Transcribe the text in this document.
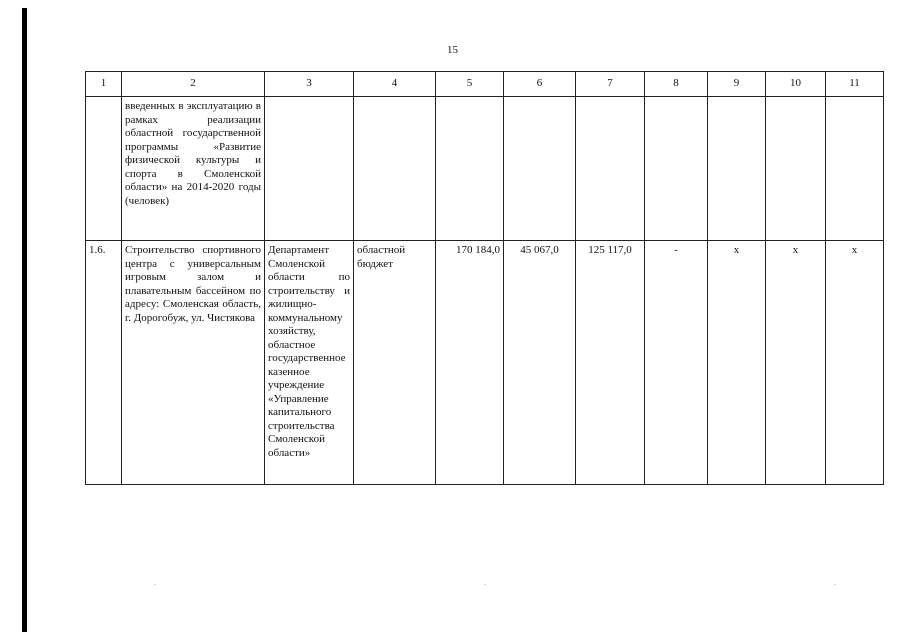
15
1	2	3	4	5	6	7	8	9	10	11
	введенных в эксплуатацию в рамках реализации областной государственной программы «Развитие физической культуры и спорта в Смоленской области» на 2014-2020 годы (человек)									
1.6.	Строительство спортивного центра с универсальным игровым залом и плавательным бассейном по адресу: Смоленская область, г. Дорогобуж, ул. Чистякова	Департамент Смоленской области по строительству и жилищно-коммунальному хозяйству, областное государственное казенное учреждение «Управление капитального строительства Смоленской области»	областной бюджет	170 184,0	45 067,0	125 117,0	-	х	х	х
.	.	.
